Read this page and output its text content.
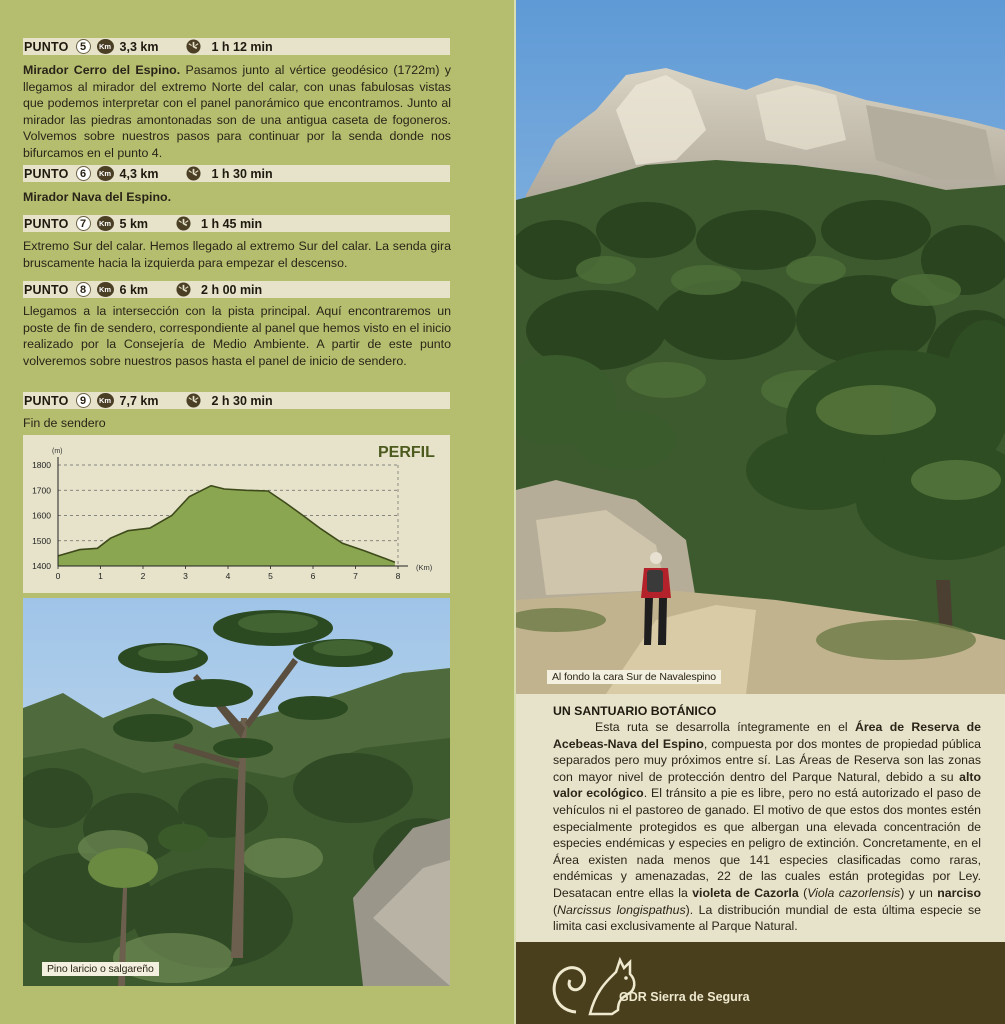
PUNTO	5	Km 3,3 km	1 h 12 min
Mirador Cerro del Espino. Pasamos junto al vértice geodésico (1722m) y llegamos al mirador del extremo Norte del calar, con unas fabulosas vistas que podemos interpretar con el panel panorámico que encontramos. Junto al mirador las piedras amontonadas son de una antigua caseta de fogoneros. Volvemos sobre nuestros pasos para continuar por la senda donde nos bifurcamos en el punto 4.
PUNTO	6	Km 4,3 km	1 h 30 min
Mirador Nava del Espino.
PUNTO	7	Km 5 km	1 h 45 min
Extremo Sur del calar. Hemos llegado al extremo Sur del calar. La senda gira bruscamente hacia la izquierda para empezar el descenso.
PUNTO	8	Km 6 km	2 h 00 min
Llegamos a la intersección con la pista principal. Aquí encontraremos un poste de fin de sendero, correspondiente al panel que hemos visto en el inicio realizado por la Consejería de Medio Ambiente. A partir de este punto volveremos sobre nuestros pasos hasta el panel de inicio de sendero.
PUNTO	9	Km 7,7 km	2 h 30 min
Fin de sendero
PERFIL
(m)
(Km)
1800
1700
1600
1500
1400
0	1	2	3	4	5	6	7	8
Pino laricio o salgareño
Al fondo la cara Sur de Navalespino
UN SANTUARIO BOTÁNICO
Esta ruta se desarrolla íntegramente en el Área de Reserva de Acebeas-Nava del Espino, compuesta por dos montes de propiedad pública separados pero muy próximos entre sí. Las Áreas de Reserva son las zonas con mayor nivel de protección dentro del Parque Natural, debido a su alto valor ecológico. El tránsito a pie es libre, pero no está autorizado el paso de vehículos ni el pastoreo de ganado. El motivo de que estos dos montes estén especialmente protegidos es que albergan una elevada concentración de especies endémicas y especies en peligro de extinción. Concretamente, en el Área existen nada menos que 141 especies clasificadas como raras, endémicas y amenazadas, 22 de las cuales están protegidas por Ley. Desatacan entre ellas la violeta de Cazorla (Viola cazorlensis) y un narciso (Narcissus longispathus). La distribución mundial de esta última especie se limita casi exclusivamente al Parque Natural.
GDR Sierra de Segura
